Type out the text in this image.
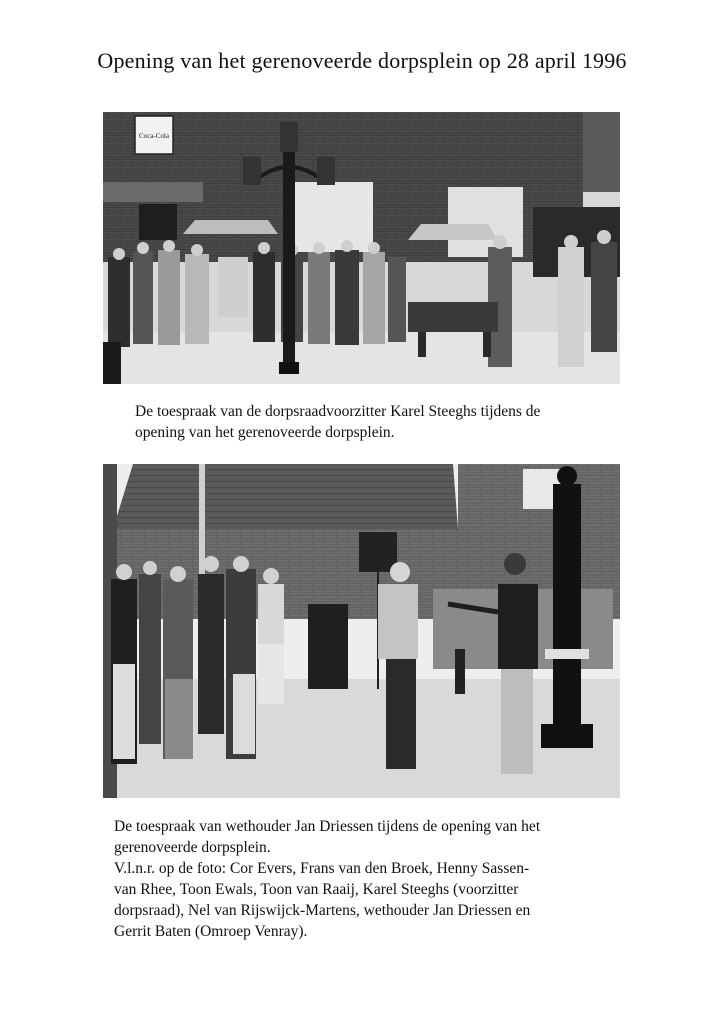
Opening van het gerenoveerde dorpsplein op 28 april 1996
Coca-Cola
De toespraak van de dorpsraadvoorzitter Karel Steeghs tijdens de
opening van het gerenoveerde dorpsplein.
De toespraak van wethouder Jan Driessen tijdens de opening van het
gerenoveerde dorpsplein.
V.l.n.r. op de foto: Cor Evers, Frans van den Broek, Henny Sassen-
van Rhee, Toon Ewals, Toon van Raaij, Karel Steeghs (voorzitter
dorpsraad), Nel van Rijswijck-Martens, wethouder Jan Driessen en
Gerrit Baten (Omroep Venray).
